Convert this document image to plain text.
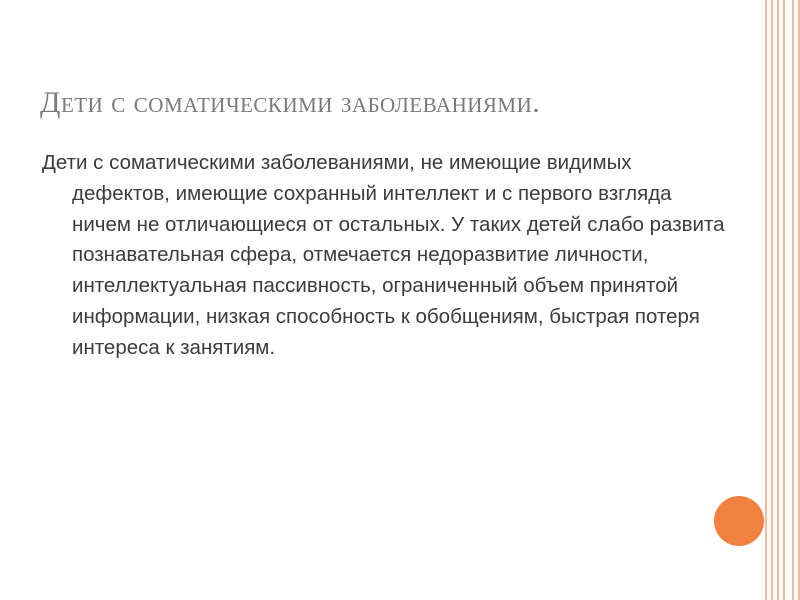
Дети с соматическими заболеваниями.

Дети с соматическими заболеваниями, не имеющие видимых дефектов, имеющие сохранный интеллект и с первого взгляда ничем не отличающиеся от остальных. У таких детей слабо развита познавательная сфера, отмечается недоразвитие личности, интеллектуальная пассивность, ограниченный объем принятой информации, низкая способность к обобщениям, быстрая потеря интереса к занятиям.
